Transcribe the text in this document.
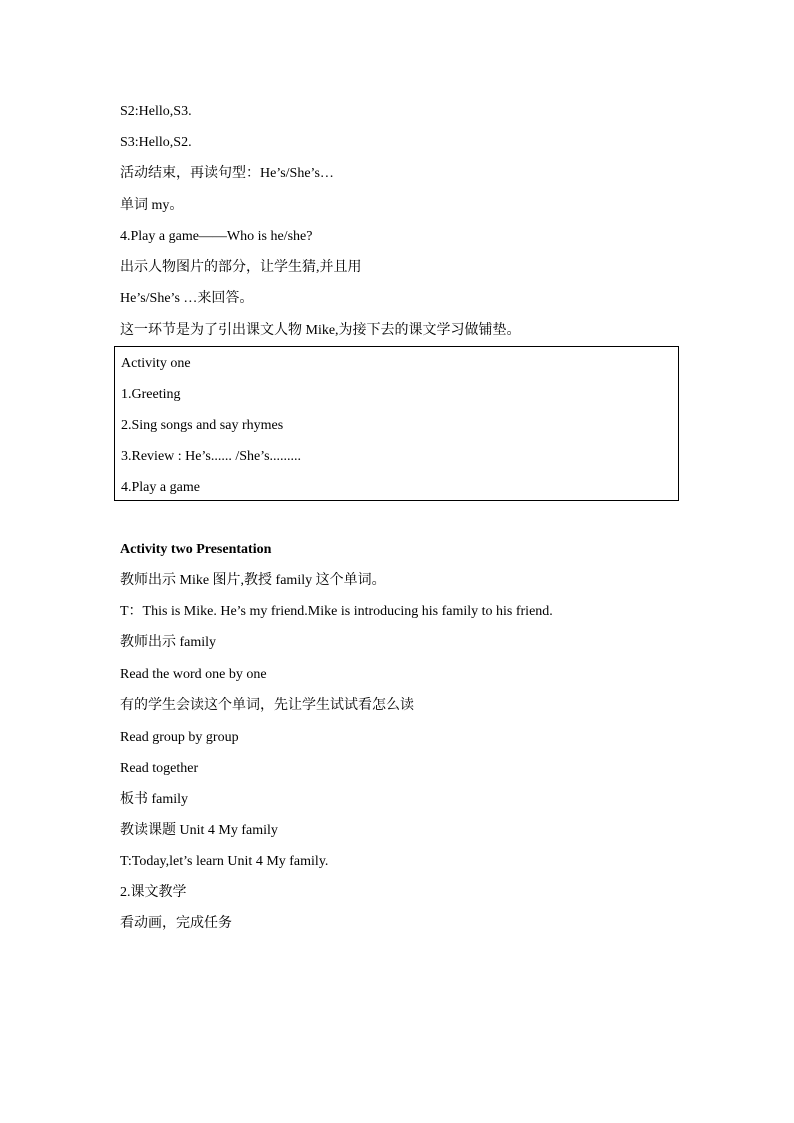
S2:Hello,S3.
S3:Hello,S2.
活动结束，再读句型：He’s/She’s…
单词 my。
4.Play a game——Who is he/she?
出示人物图片的部分，让学生猜,并且用
He’s/She’s …来回答。
这一环节是为了引出课文人物 Mike,为接下去的课文学习做铺垫。
Activity one
1.Greeting
2.Sing songs and say rhymes
3.Review : He’s...... /She’s.........
4.Play a game
Activity two Presentation
教师出示 Mike 图片,教授 family 这个单词。
T：This is Mike. He’s my friend.Mike is introducing his family to his friend.
教师出示 family
Read the word one by one
有的学生会读这个单词，先让学生试试看怎么读
Read group by group
Read together
板书 family
教读课题 Unit 4 My family
T:Today,let’s learn Unit 4 My family.
2.课文教学
看动画，完成任务
